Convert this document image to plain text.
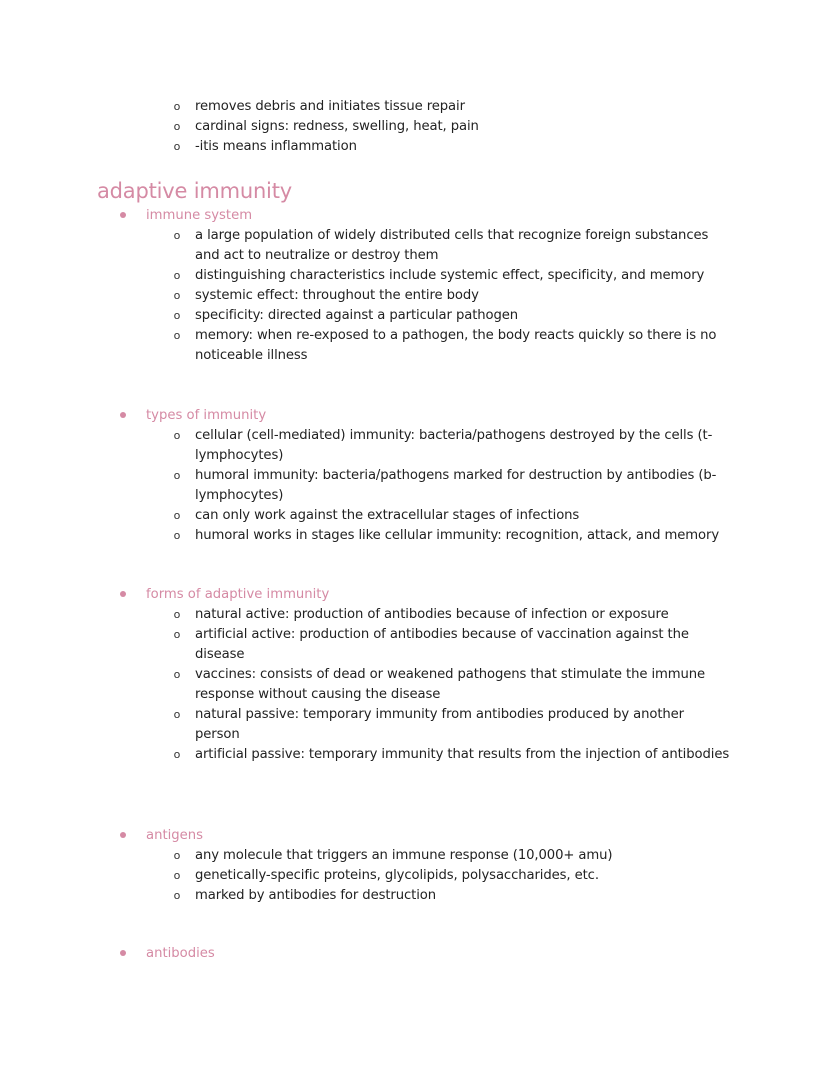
o removes debris and initiates tissue repair
o cardinal signs: redness, swelling, heat, pain
o -itis means inflammation
adaptive immunity
immune system
o a large population of widely distributed cells that recognize foreign substances and act to neutralize or destroy them
o distinguishing characteristics include systemic effect, specificity, and memory
o systemic effect: throughout the entire body
o specificity: directed against a particular pathogen
o memory: when re-exposed to a pathogen, the body reacts quickly so there is no noticeable illness
types of immunity
o cellular (cell-mediated) immunity: bacteria/pathogens destroyed by the cells (t-lymphocytes)
o humoral immunity: bacteria/pathogens marked for destruction by antibodies (b-lymphocytes)
o can only work against the extracellular stages of infections
o humoral works in stages like cellular immunity: recognition, attack, and memory
forms of adaptive immunity
o natural active: production of antibodies because of infection or exposure
o artificial active: production of antibodies because of vaccination against the disease
o vaccines: consists of dead or weakened pathogens that stimulate the immune response without causing the disease
o natural passive: temporary immunity from antibodies produced by another person
o artificial passive: temporary immunity that results from the injection of antibodies
antigens
o any molecule that triggers an immune response (10,000+ amu)
o genetically-specific proteins, glycolipids, polysaccharides, etc.
o marked by antibodies for destruction
antibodies
